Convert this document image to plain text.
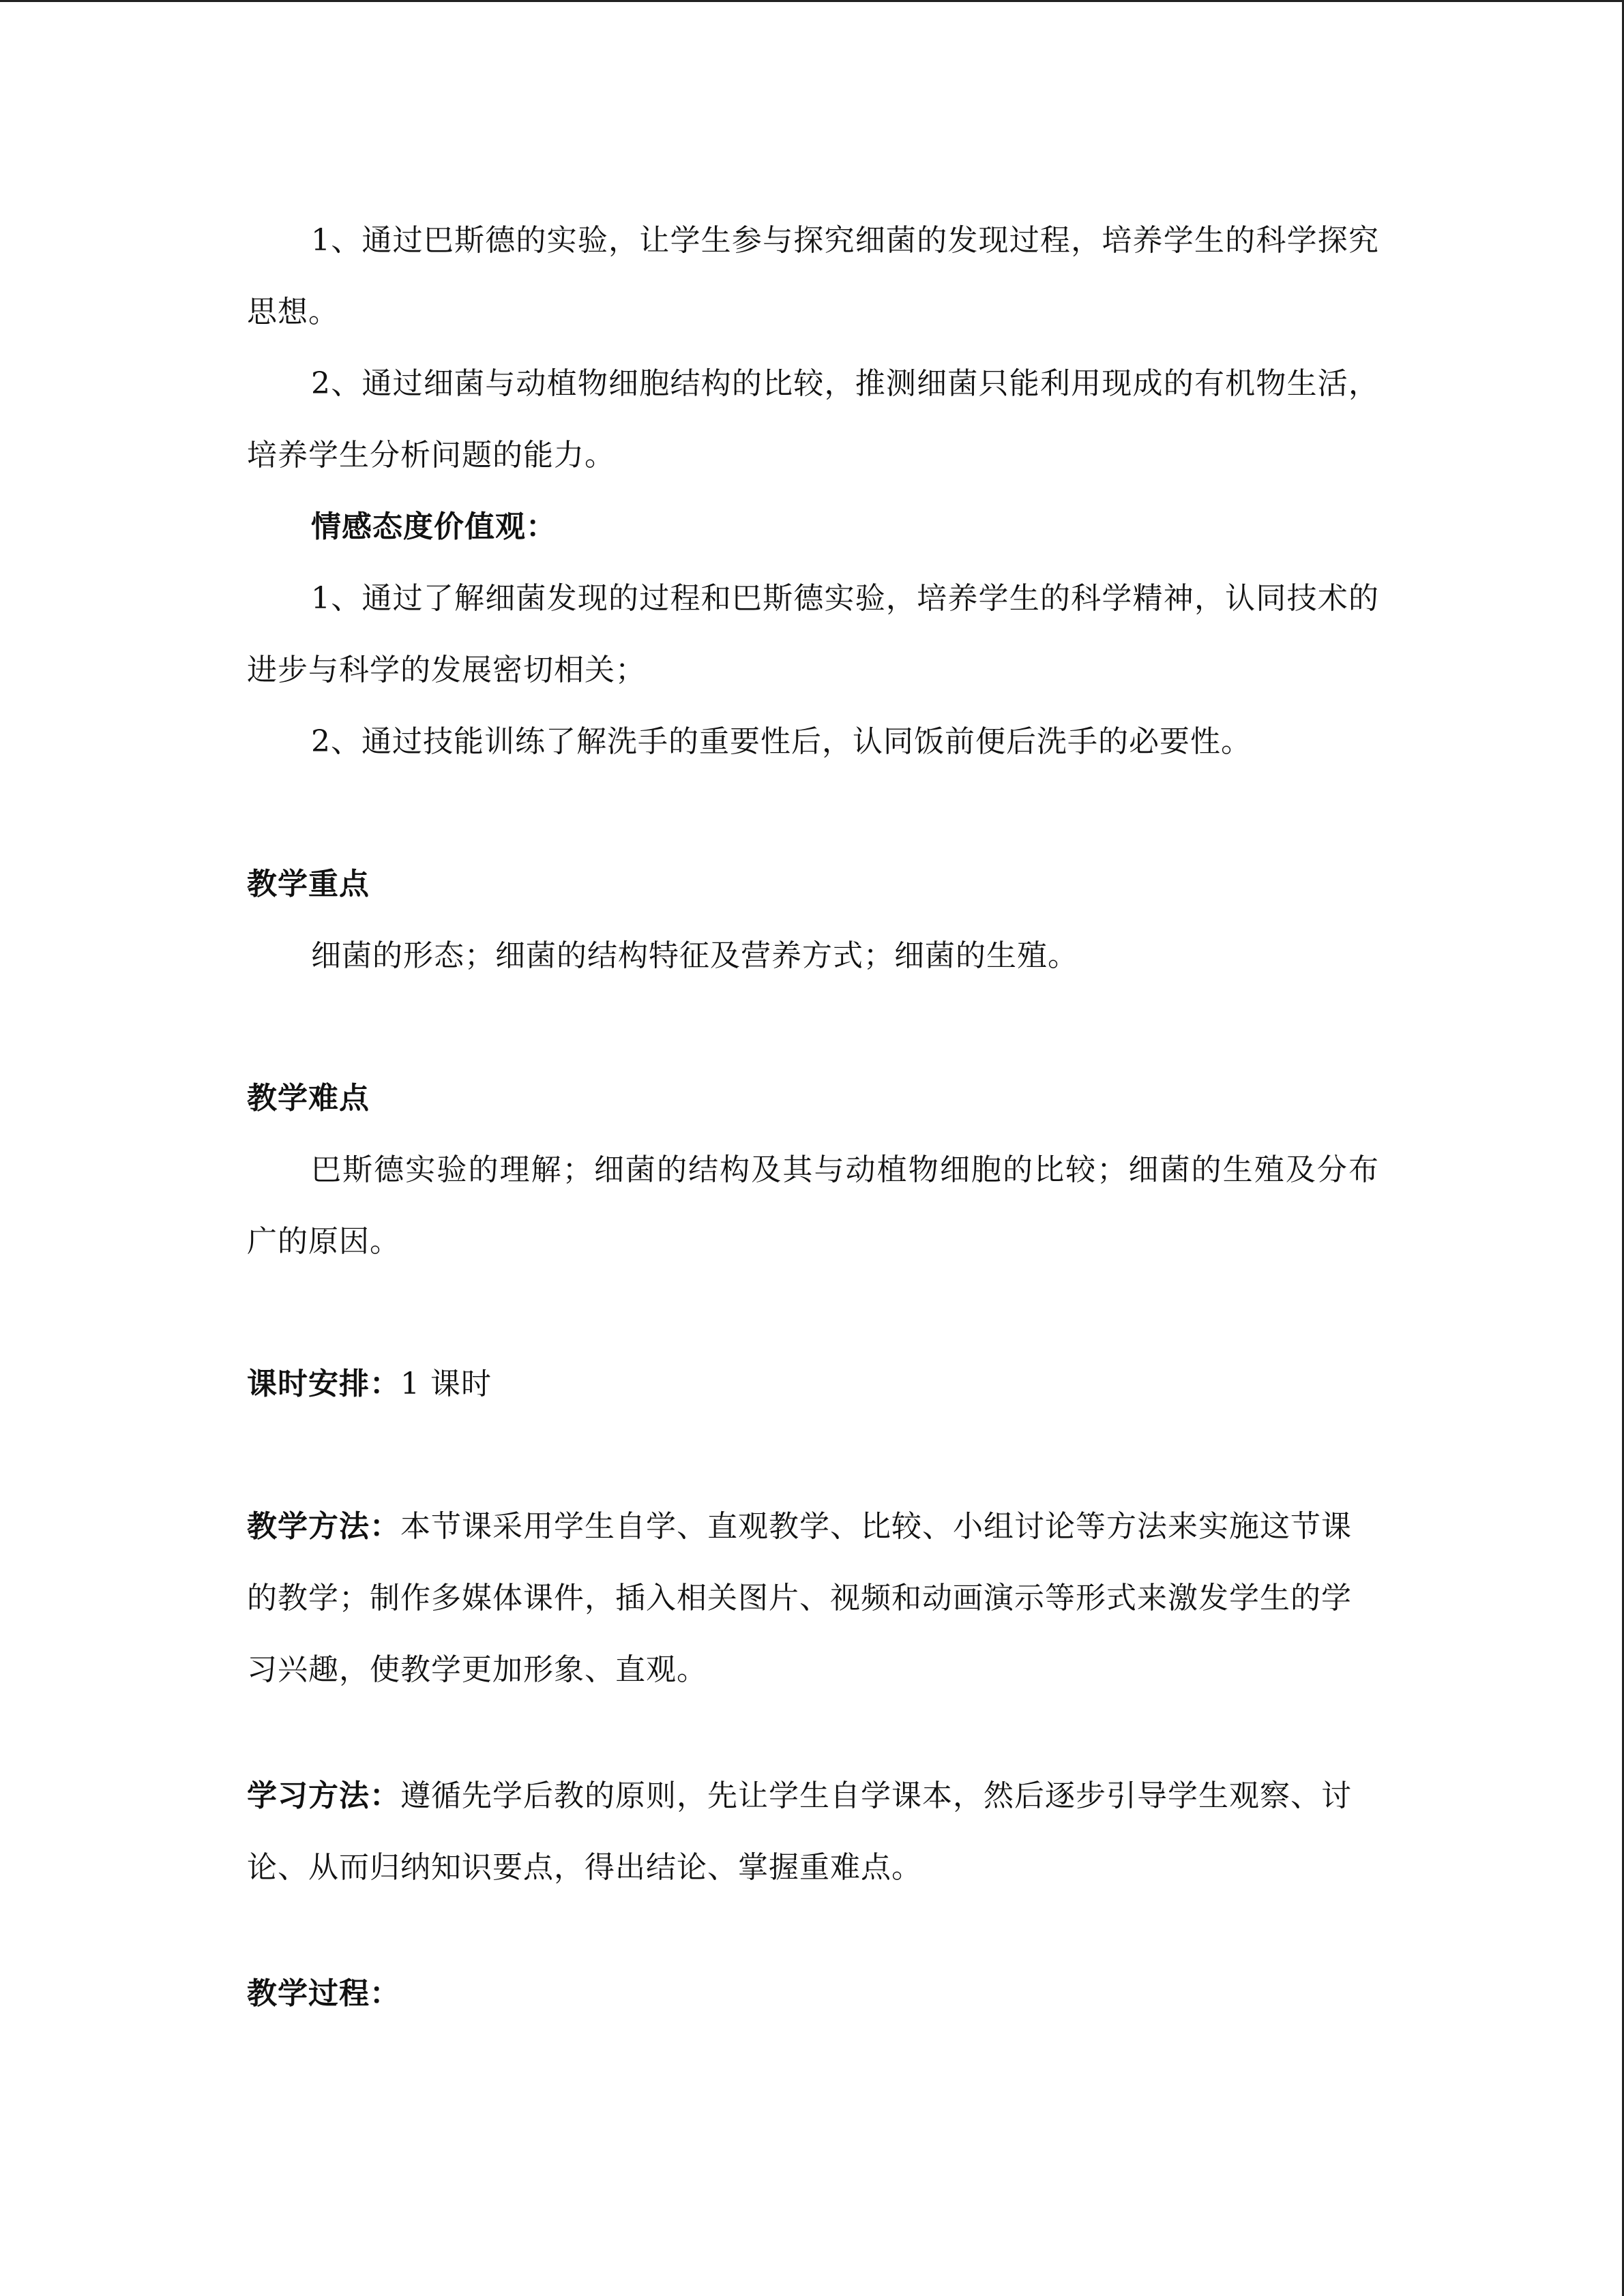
1、通过巴斯德的实验，让学生参与探究细菌的发现过程，培养学生的科学探究思想。

2、通过细菌与动植物细胞结构的比较，推测细菌只能利用现成的有机物生活，培养学生分析问题的能力。

情感态度价值观：

1、通过了解细菌发现的过程和巴斯德实验，培养学生的科学精神，认同技术的进步与科学的发展密切相关；

2、通过技能训练了解洗手的重要性后，认同饭前便后洗手的必要性。

教学重点

细菌的形态；细菌的结构特征及营养方式；细菌的生殖。

教学难点

巴斯德实验的理解；细菌的结构及其与动植物细胞的比较；细菌的生殖及分布广的原因。

课时安排：1 课时

教学方法：本节课采用学生自学、直观教学、比较、小组讨论等方法来实施这节课的教学；制作多媒体课件，插入相关图片、视频和动画演示等形式来激发学生的学习兴趣，使教学更加形象、直观。

学习方法：遵循先学后教的原则，先让学生自学课本，然后逐步引导学生观察、讨论、从而归纳知识要点，得出结论、掌握重难点。

教学过程：
